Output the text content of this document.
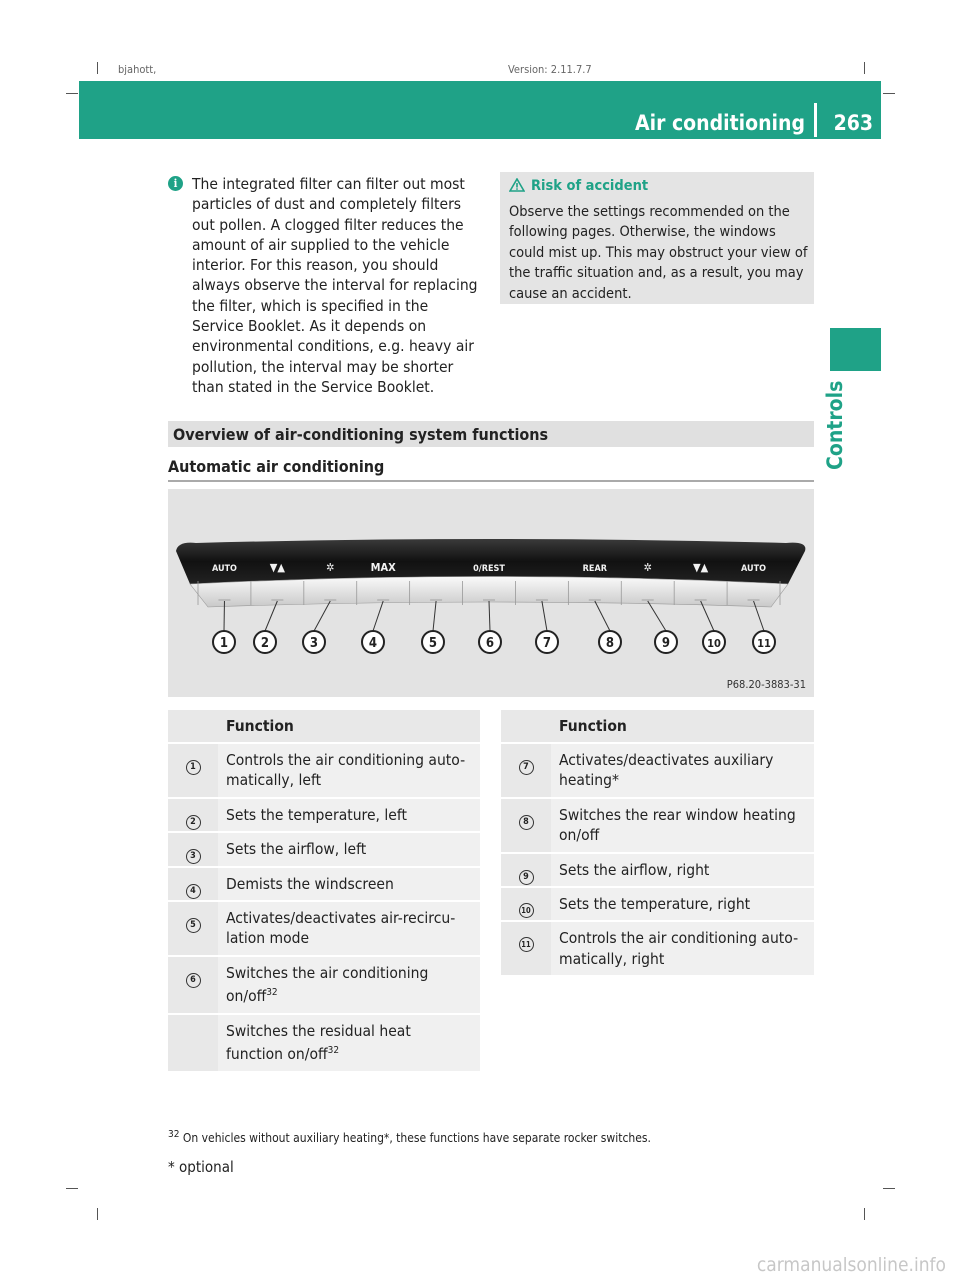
bjahott,	Version: 2.11.7.7
Air conditioning 263
Controls
i The integrated filter can filter out most particles of dust and completely filters out pollen. A clogged filter reduces the amount of air supplied to the vehicle interior. For this reason, you should always observe the interval for replacing the filter, which is specified in the Service Booklet. As it depends on environmental conditions, e.g. heavy air pollution, the interval may be shorter than stated in the Service Booklet.
Risk of accident
Observe the settings recommended on the following pages. Otherwise, the windows could mist up. This may obstruct your view of the traffic situation and, as a result, you may cause an accident.
Overview of air-conditioning system functions
Automatic air conditioning
AUTO	▼▲	✲	MAX	0/REST	REAR	✲	▼▲	AUTO
1	2	3	4	5	6	7	8	9	10	11
P68.20-3883-31
	Function
1	Controls the air conditioning auto-matically, left
2	Sets the temperature, left
3	Sets the airflow, left
4	Demists the windscreen
5	Activates/deactivates air-recircu-lation mode
6	Switches the air conditioning on/off$^{32}$
	Switches the residual heat function on/off$^{32}$
	Function
7	Activates/deactivates auxiliary heating*
8	Switches the rear window heating on/off
9	Sets the airflow, right
10	Sets the temperature, right
11	Controls the air conditioning auto-matically, right
$^{32}$ On vehicles without auxiliary heating*, these functions have separate rocker switches.
* optional
carmanualsonline.info
